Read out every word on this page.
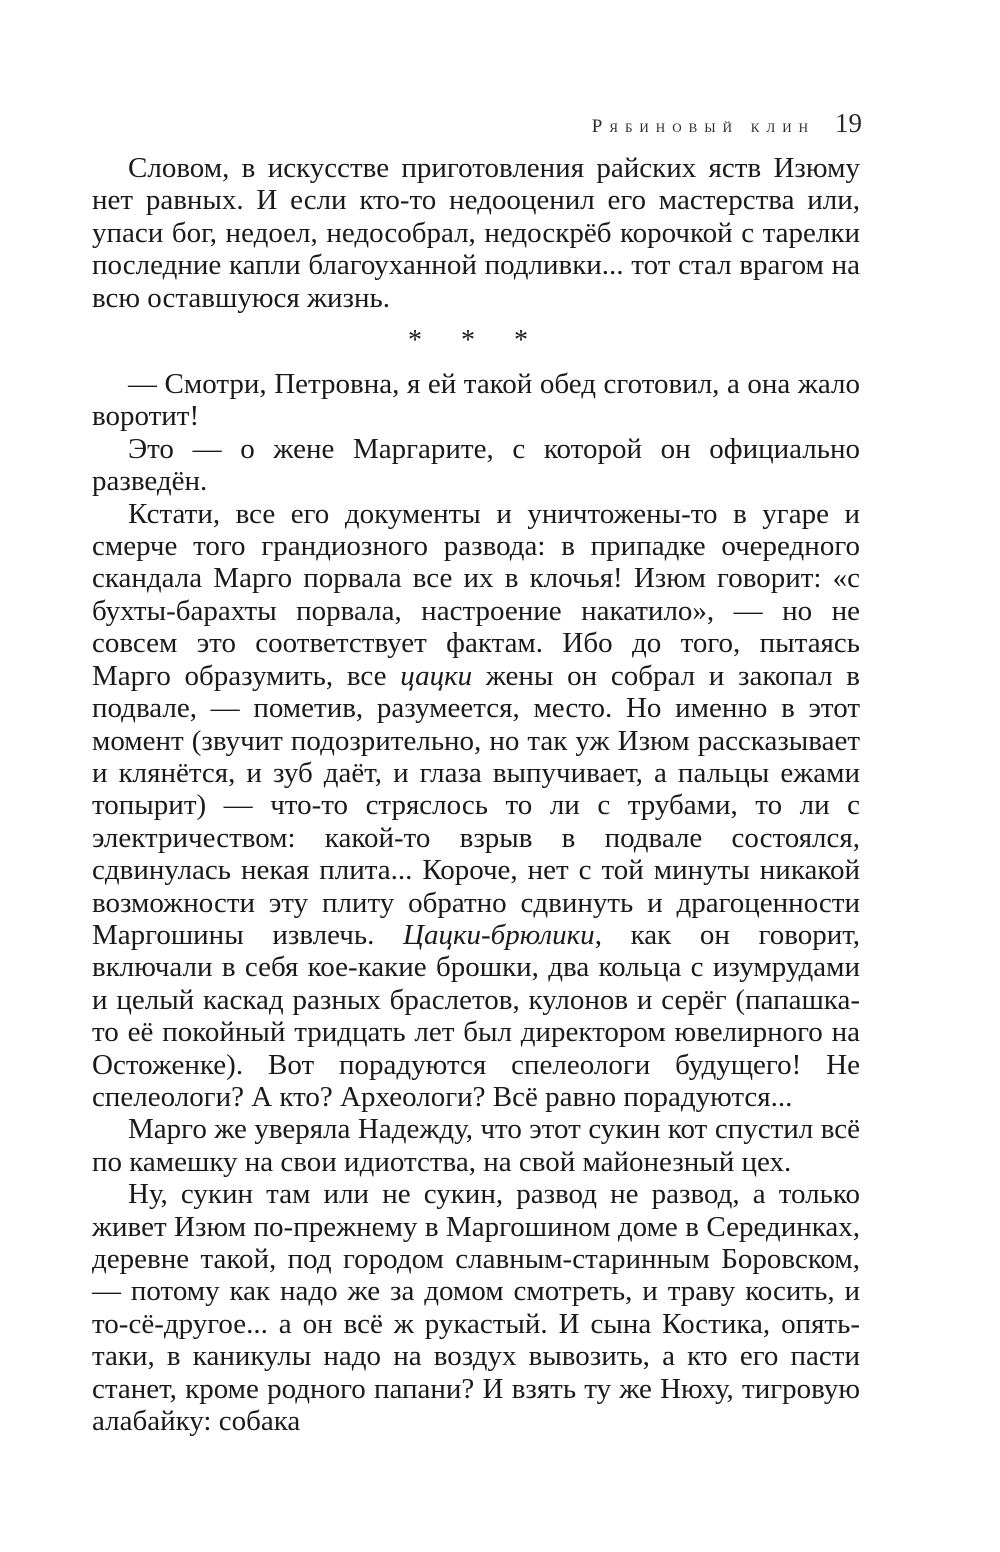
Рябиновый клин 19

Словом, в искусстве приготовления райских яств Изюму нет равных. И если кто-то недооценил его мастерства или, упаси бог, недоел, недособрал, недоскрёб корочкой с тарелки последние капли благоуханной подливки... тот стал врагом на всю оставшуюся жизнь.

* * *

— Смотри, Петровна, я ей такой обед сготовил, а она жало воротит!

Это — о жене Маргарите, с которой он официально разведён.

Кстати, все его документы и уничтожены-то в угаре и смерче того грандиозного развода: в припадке очередного скандала Марго порвала все их в клочья! Изюм говорит: «с бухты-барахты порвала, настроение накатило», — но не совсем это соответствует фактам. Ибо до того, пытаясь Марго образумить, все цацки жены он собрал и закопал в подвале, — пометив, разумеется, место. Но именно в этот момент (звучит подозрительно, но так уж Изюм рассказывает и клянётся, и зуб даёт, и глаза выпучивает, а пальцы ежами топырит) — что-то стряслось то ли с трубами, то ли с электричеством: какой-то взрыв в подвале состоялся, сдвинулась некая плита... Короче, нет с той минуты никакой возможности эту плиту обратно сдвинуть и драгоценности Маргошины извлечь. Цацки-брюлики, как он говорит, включали в себя кое-какие брошки, два кольца с изумрудами и целый каскад разных браслетов, кулонов и серёг (папашка-то её покойный тридцать лет был директором ювелирного на Остоженке). Вот порадуются спелеологи будущего! Не спелеологи? А кто? Археологи? Всё равно порадуются...

Марго же уверяла Надежду, что этот сукин кот спустил всё по камешку на свои идиотства, на свой майонезный цех.

Ну, сукин там или не сукин, развод не развод, а только живет Изюм по-прежнему в Маргошином доме в Серединках, деревне такой, под городом славным-старинным Боровском, — потому как надо же за домом смотреть, и траву косить, и то-сё-другое... а он всё ж рукастый. И сына Костика, опять-таки, в каникулы надо на воздух вывозить, а кто его пасти станет, кроме родного папани? И взять ту же Нюху, тигровую алабайку: собака
